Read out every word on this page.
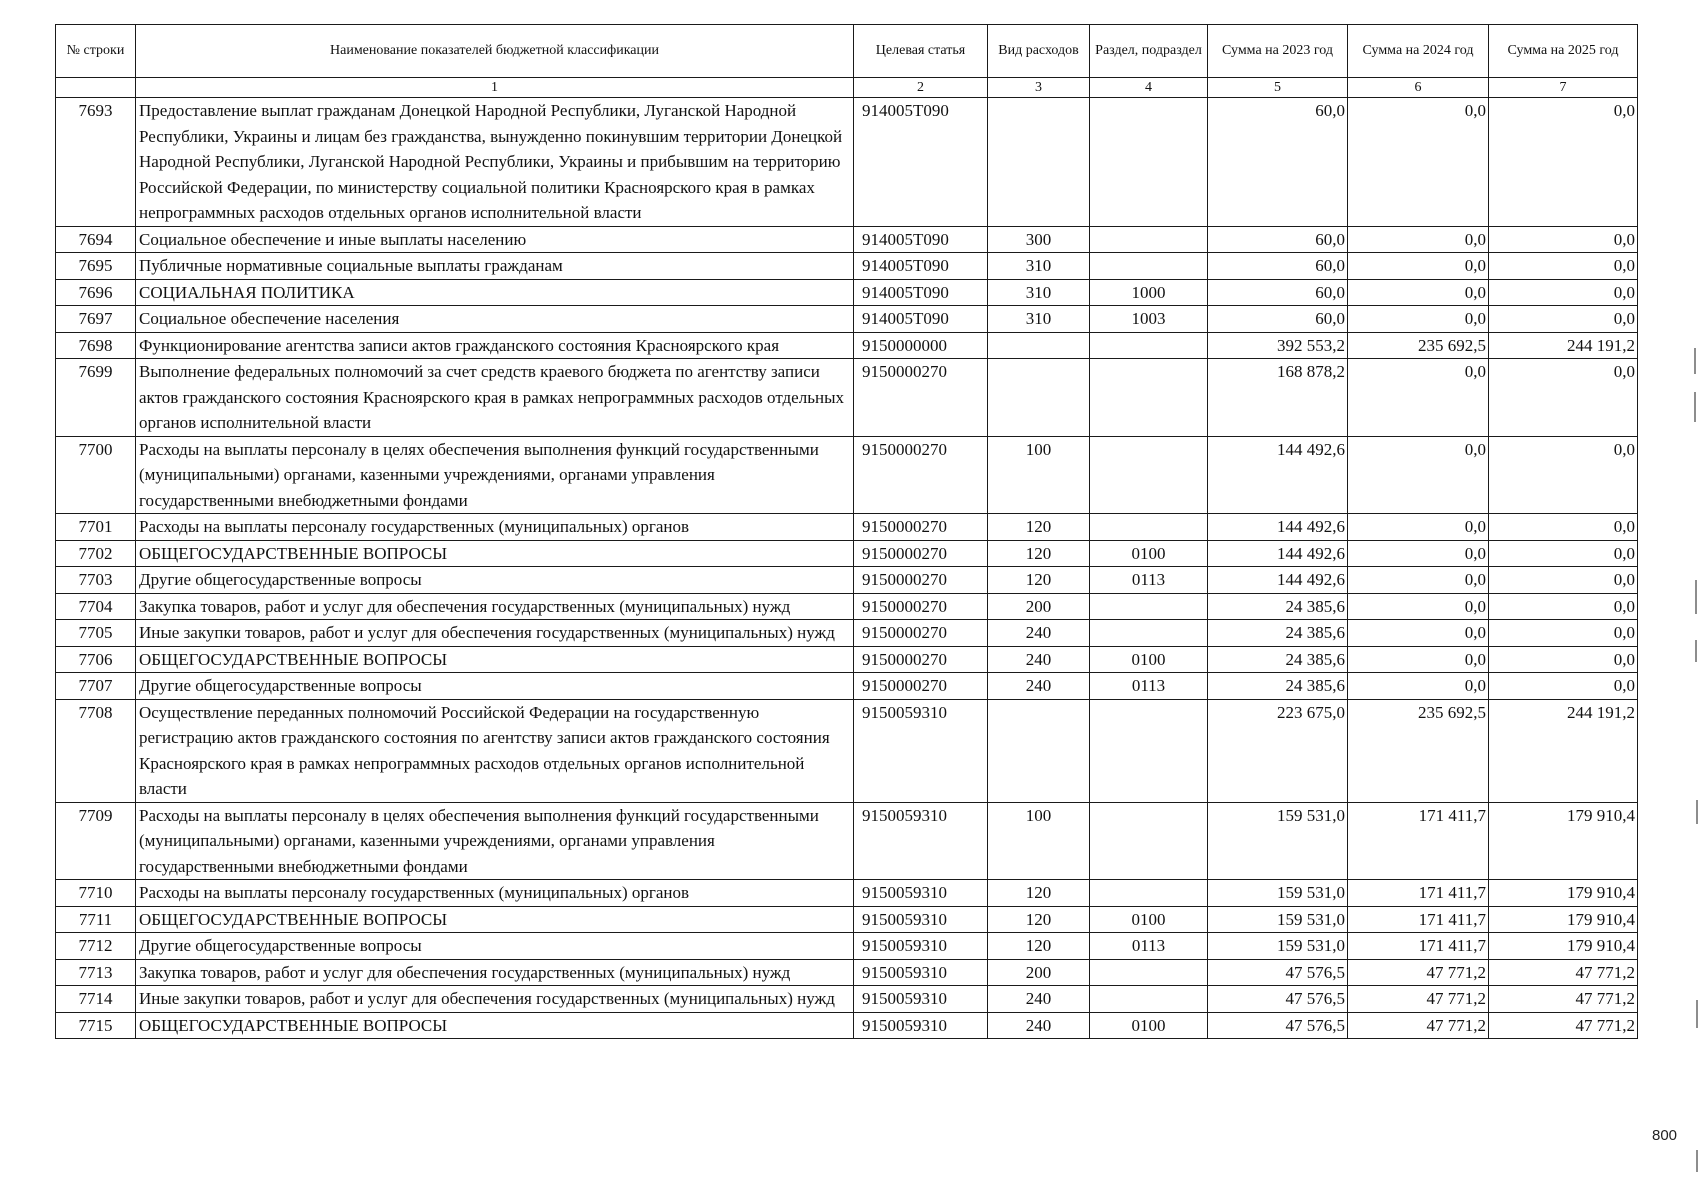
№ строки	Наименование показателей бюджетной классификации	Целевая статья	Вид расходов	Раздел, подраздел	Сумма на 2023 год	Сумма на 2024 год	Сумма на 2025 год
	1	2	3	4	5	6	7
7693	Предоставление выплат гражданам Донецкой Народной Республики, Луганской Народной Республики, Украины и лицам без гражданства, вынужденно покинувшим территории Донецкой Народной Республики, Луганской Народной Республики, Украины и прибывшим на территорию Российской Федерации, по министерству социальной политики Красноярского края в рамках непрограммных расходов отдельных органов исполнительной власти	914005Т090			60,0	0,0	0,0
7694	Социальное обеспечение и иные выплаты населению	914005Т090	300		60,0	0,0	0,0
7695	Публичные нормативные социальные выплаты гражданам	914005Т090	310		60,0	0,0	0,0
7696	СОЦИАЛЬНАЯ ПОЛИТИКА	914005Т090	310	1000	60,0	0,0	0,0
7697	Социальное обеспечение населения	914005Т090	310	1003	60,0	0,0	0,0
7698	Функционирование агентства записи актов гражданского состояния Красноярского края	9150000000			392 553,2	235 692,5	244 191,2
7699	Выполнение федеральных полномочий за счет средств краевого бюджета по агентству записи актов гражданского состояния Красноярского края в рамках непрограммных расходов отдельных органов исполнительной власти	9150000270			168 878,2	0,0	0,0
7700	Расходы на выплаты персоналу в целях обеспечения выполнения функций государственными (муниципальными) органами, казенными учреждениями, органами управления государственными внебюджетными фондами	9150000270	100		144 492,6	0,0	0,0
7701	Расходы на выплаты персоналу государственных (муниципальных) органов	9150000270	120		144 492,6	0,0	0,0
7702	ОБЩЕГОСУДАРСТВЕННЫЕ ВОПРОСЫ	9150000270	120	0100	144 492,6	0,0	0,0
7703	Другие общегосударственные вопросы	9150000270	120	0113	144 492,6	0,0	0,0
7704	Закупка товаров, работ и услуг для обеспечения государственных (муниципальных) нужд	9150000270	200		24 385,6	0,0	0,0
7705	Иные закупки товаров, работ и услуг для обеспечения государственных (муниципальных) нужд	9150000270	240		24 385,6	0,0	0,0
7706	ОБЩЕГОСУДАРСТВЕННЫЕ ВОПРОСЫ	9150000270	240	0100	24 385,6	0,0	0,0
7707	Другие общегосударственные вопросы	9150000270	240	0113	24 385,6	0,0	0,0
7708	Осуществление переданных полномочий Российской Федерации на государственную регистрацию актов гражданского состояния по агентству записи актов гражданского состояния Красноярского края в рамках непрограммных расходов отдельных органов исполнительной власти	9150059310			223 675,0	235 692,5	244 191,2
7709	Расходы на выплаты персоналу в целях обеспечения выполнения функций государственными (муниципальными) органами, казенными учреждениями, органами управления государственными внебюджетными фондами	9150059310	100		159 531,0	171 411,7	179 910,4
7710	Расходы на выплаты персоналу государственных (муниципальных) органов	9150059310	120		159 531,0	171 411,7	179 910,4
7711	ОБЩЕГОСУДАРСТВЕННЫЕ ВОПРОСЫ	9150059310	120	0100	159 531,0	171 411,7	179 910,4
7712	Другие общегосударственные вопросы	9150059310	120	0113	159 531,0	171 411,7	179 910,4
7713	Закупка товаров, работ и услуг для обеспечения государственных (муниципальных) нужд	9150059310	200		47 576,5	47 771,2	47 771,2
7714	Иные закупки товаров, работ и услуг для обеспечения государственных (муниципальных) нужд	9150059310	240		47 576,5	47 771,2	47 771,2
7715	ОБЩЕГОСУДАРСТВЕННЫЕ ВОПРОСЫ	9150059310	240	0100	47 576,5	47 771,2	47 771,2
800
